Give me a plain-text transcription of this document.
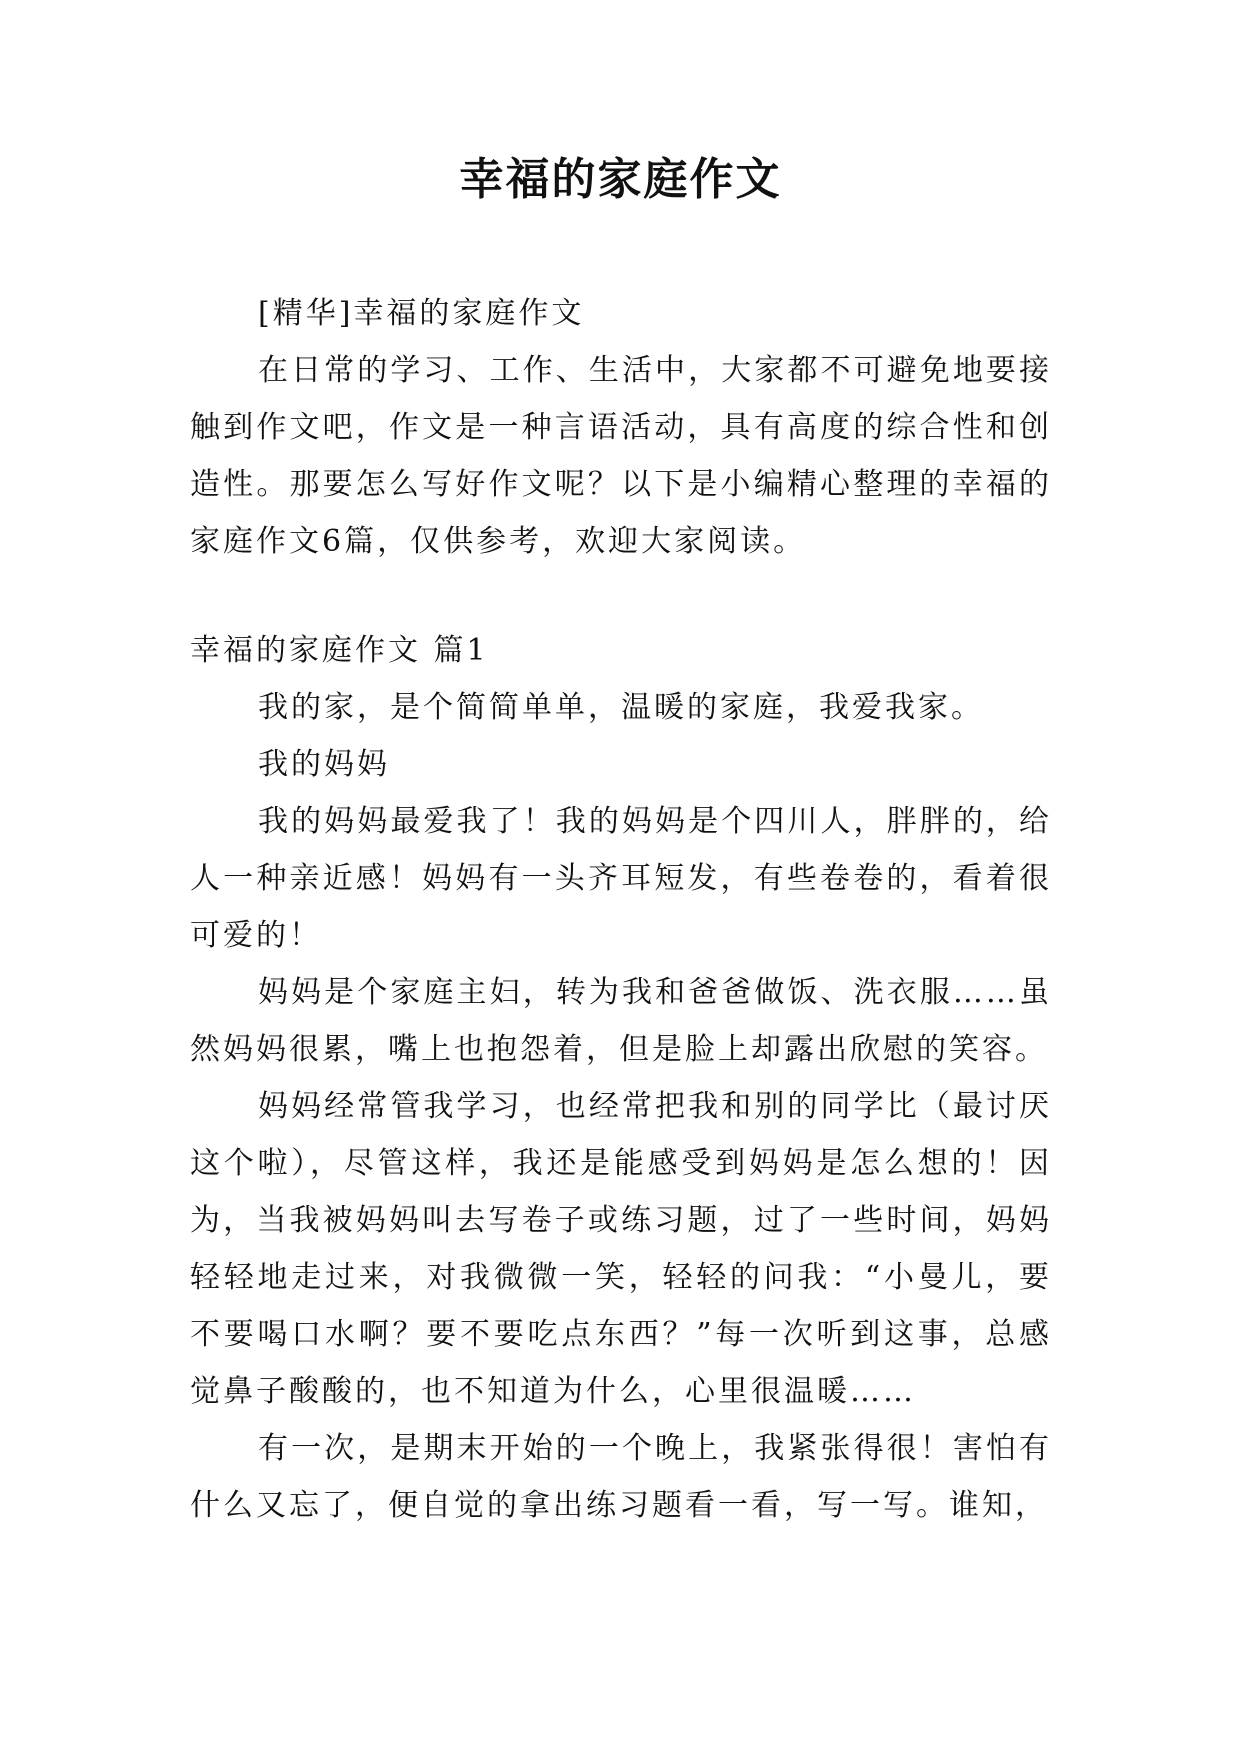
幸福的家庭作文

[精华]幸福的家庭作文

在日常的学习、工作、生活中，大家都不可避免地要接触到作文吧，作文是一种言语活动，具有高度的综合性和创造性。那要怎么写好作文呢？以下是小编精心整理的幸福的家庭作文6篇，仅供参考，欢迎大家阅读。

幸福的家庭作文 篇1

我的家，是个简简单单，温暖的家庭，我爱我家。

我的妈妈

我的妈妈最爱我了！我的妈妈是个四川人，胖胖的，给人一种亲近感！妈妈有一头齐耳短发，有些卷卷的，看着很可爱的！

妈妈是个家庭主妇，转为我和爸爸做饭、洗衣服……虽然妈妈很累，嘴上也抱怨着，但是脸上却露出欣慰的笑容。

妈妈经常管我学习，也经常把我和别的同学比（最讨厌这个啦），尽管这样，我还是能感受到妈妈是怎么想的！因为，当我被妈妈叫去写卷子或练习题，过了一些时间，妈妈轻轻地走过来，对我微微一笑，轻轻的问我：“小曼儿，要不要喝口水啊？要不要吃点东西？”每一次听到这事，总感觉鼻子酸酸的，也不知道为什么，心里很温暖……

有一次，是期末开始的一个晚上，我紧张得很！害怕有什么又忘了，便自觉的拿出练习题看一看，写一写。谁知，
